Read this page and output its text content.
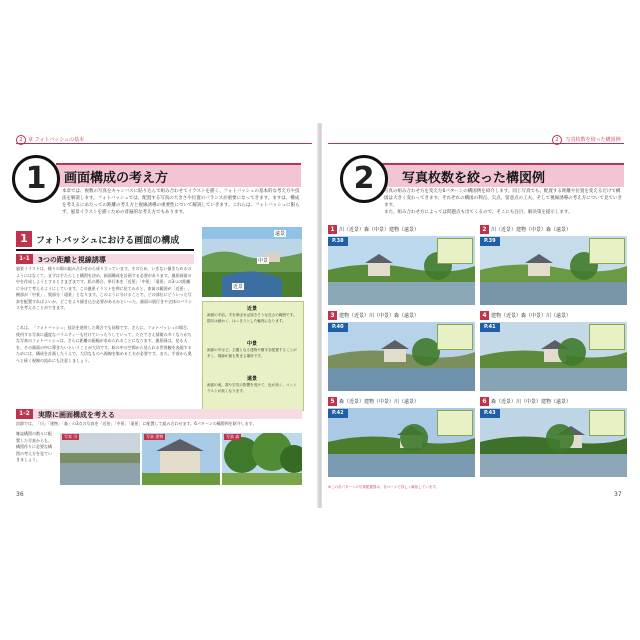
2 章 フォトバッシュの基本
画面構成の考え方
1	本章では、複数の写真をキャンバスに貼り込んで組み合わせてイラストを描く、フォトバッシュの基本的な考え方や技法を解説します。フォトバッシュでは、配置する写真の大きさや位置のバランスが重要になってきます。ますは、構成を考えるにあたっての距離の考え方と視線誘導の重要性について解説していきます。これらは、フォトバッシュに限らず、風景イラストを描くための普遍的な考え方でもあります。
1 フォトバッシュにおける画面の構成
1-1	3つの距離と視線誘導
風景イラストは、様々の場の組み合わせから成り立っています。そのため、いきない描きためるのようにはなくて、まずは手たらしと構図を決め、画面構成を計画する必要があります。風景画面の中を作成しようとするとさまざまです。私の場合、単行本を「近景」「中景」「遠景」の3つの距離に分けて考えるようにしています。この風景イラストを例に見てみると、家前の範囲が「近景」、樹部が「中景」、奥部分「遠景」となります。このように分けることで、どの部位にどういった写真を配置すればよいか、どこをより描き込む必要があるかといった、画面の奥行きや全体のバランスを考えることができます。
これは、「フォトバッシュ」技法を使用した場合でも同様です。さらに、フォトバッシュの場合、使用する写真に適度なバラエティーも付けていったりしていって、ただでさえ情報の多くなりがちな写真のフォトバッシュは、さらに距離の振幅が求められることになります。風景画は、見る人を、その画面の中に導きたいということが大切です。絵の中の空間から見られる世界観を表現するためには、構成を計画したうえで、大切なものへ視線を集める工夫が必要です。また、手前から奥へと続く視線の流れにも注意しましょう。
遠景
中景
近景
近景
画面の手前。手を伸ばせば届きそうな近さの範囲です。描写は細かく、はっきりとした輪郭になります。
中景
画面の中ほど。主題となる建物や樹木を配置することが多く、視線が最も集まる場所です。
遠景
画面の奥。霧や空気の影響を受けて、色が淡く、コントラストが低くなります。
1-2	実際に画面構成を考える
次節では、「川」「建物」「森」の3点の写真を「近景」「中景」「遠景」に配置して組み合わせます。6パターンの構図例を紹介します。
雑誌構図の数々に配置した写真からも、構図作りに必要な構図の考え方を見ていきましょう。
写真 川	写真 建物	写真 森
36
2 写真枚数を絞った構図例
写真枚数を絞った構図例
2	写真の組み合わせ方を変えた6パターンの構図例を紹介します。同じ写真でも、配置する距離や位置を変えるだけで構図は大きく変わってきます。それぞれの構図の利点、欠点、留意点の工夫、そして視線誘導の考え方について見ていきます。
また、組み合わせ方によっては問題点も出てくるので、そこにも注目、解決策を提示します。
1 川（近景）森（中景）建物（遠景）
P.38
2 川（近景）建物（中景）森（遠景）
P.39
3 建物（近景）川（中景）森（遠景）
P.40
4 建物（近景）森（中景）川（遠景）
P.41
5 森（近景）建物（中景）川（遠景）
P.42
6 森（近景）川（中景）建物（遠景）
P.43
※この各パターンの写真配置図は、各ページで詳しく解説しています。
37
